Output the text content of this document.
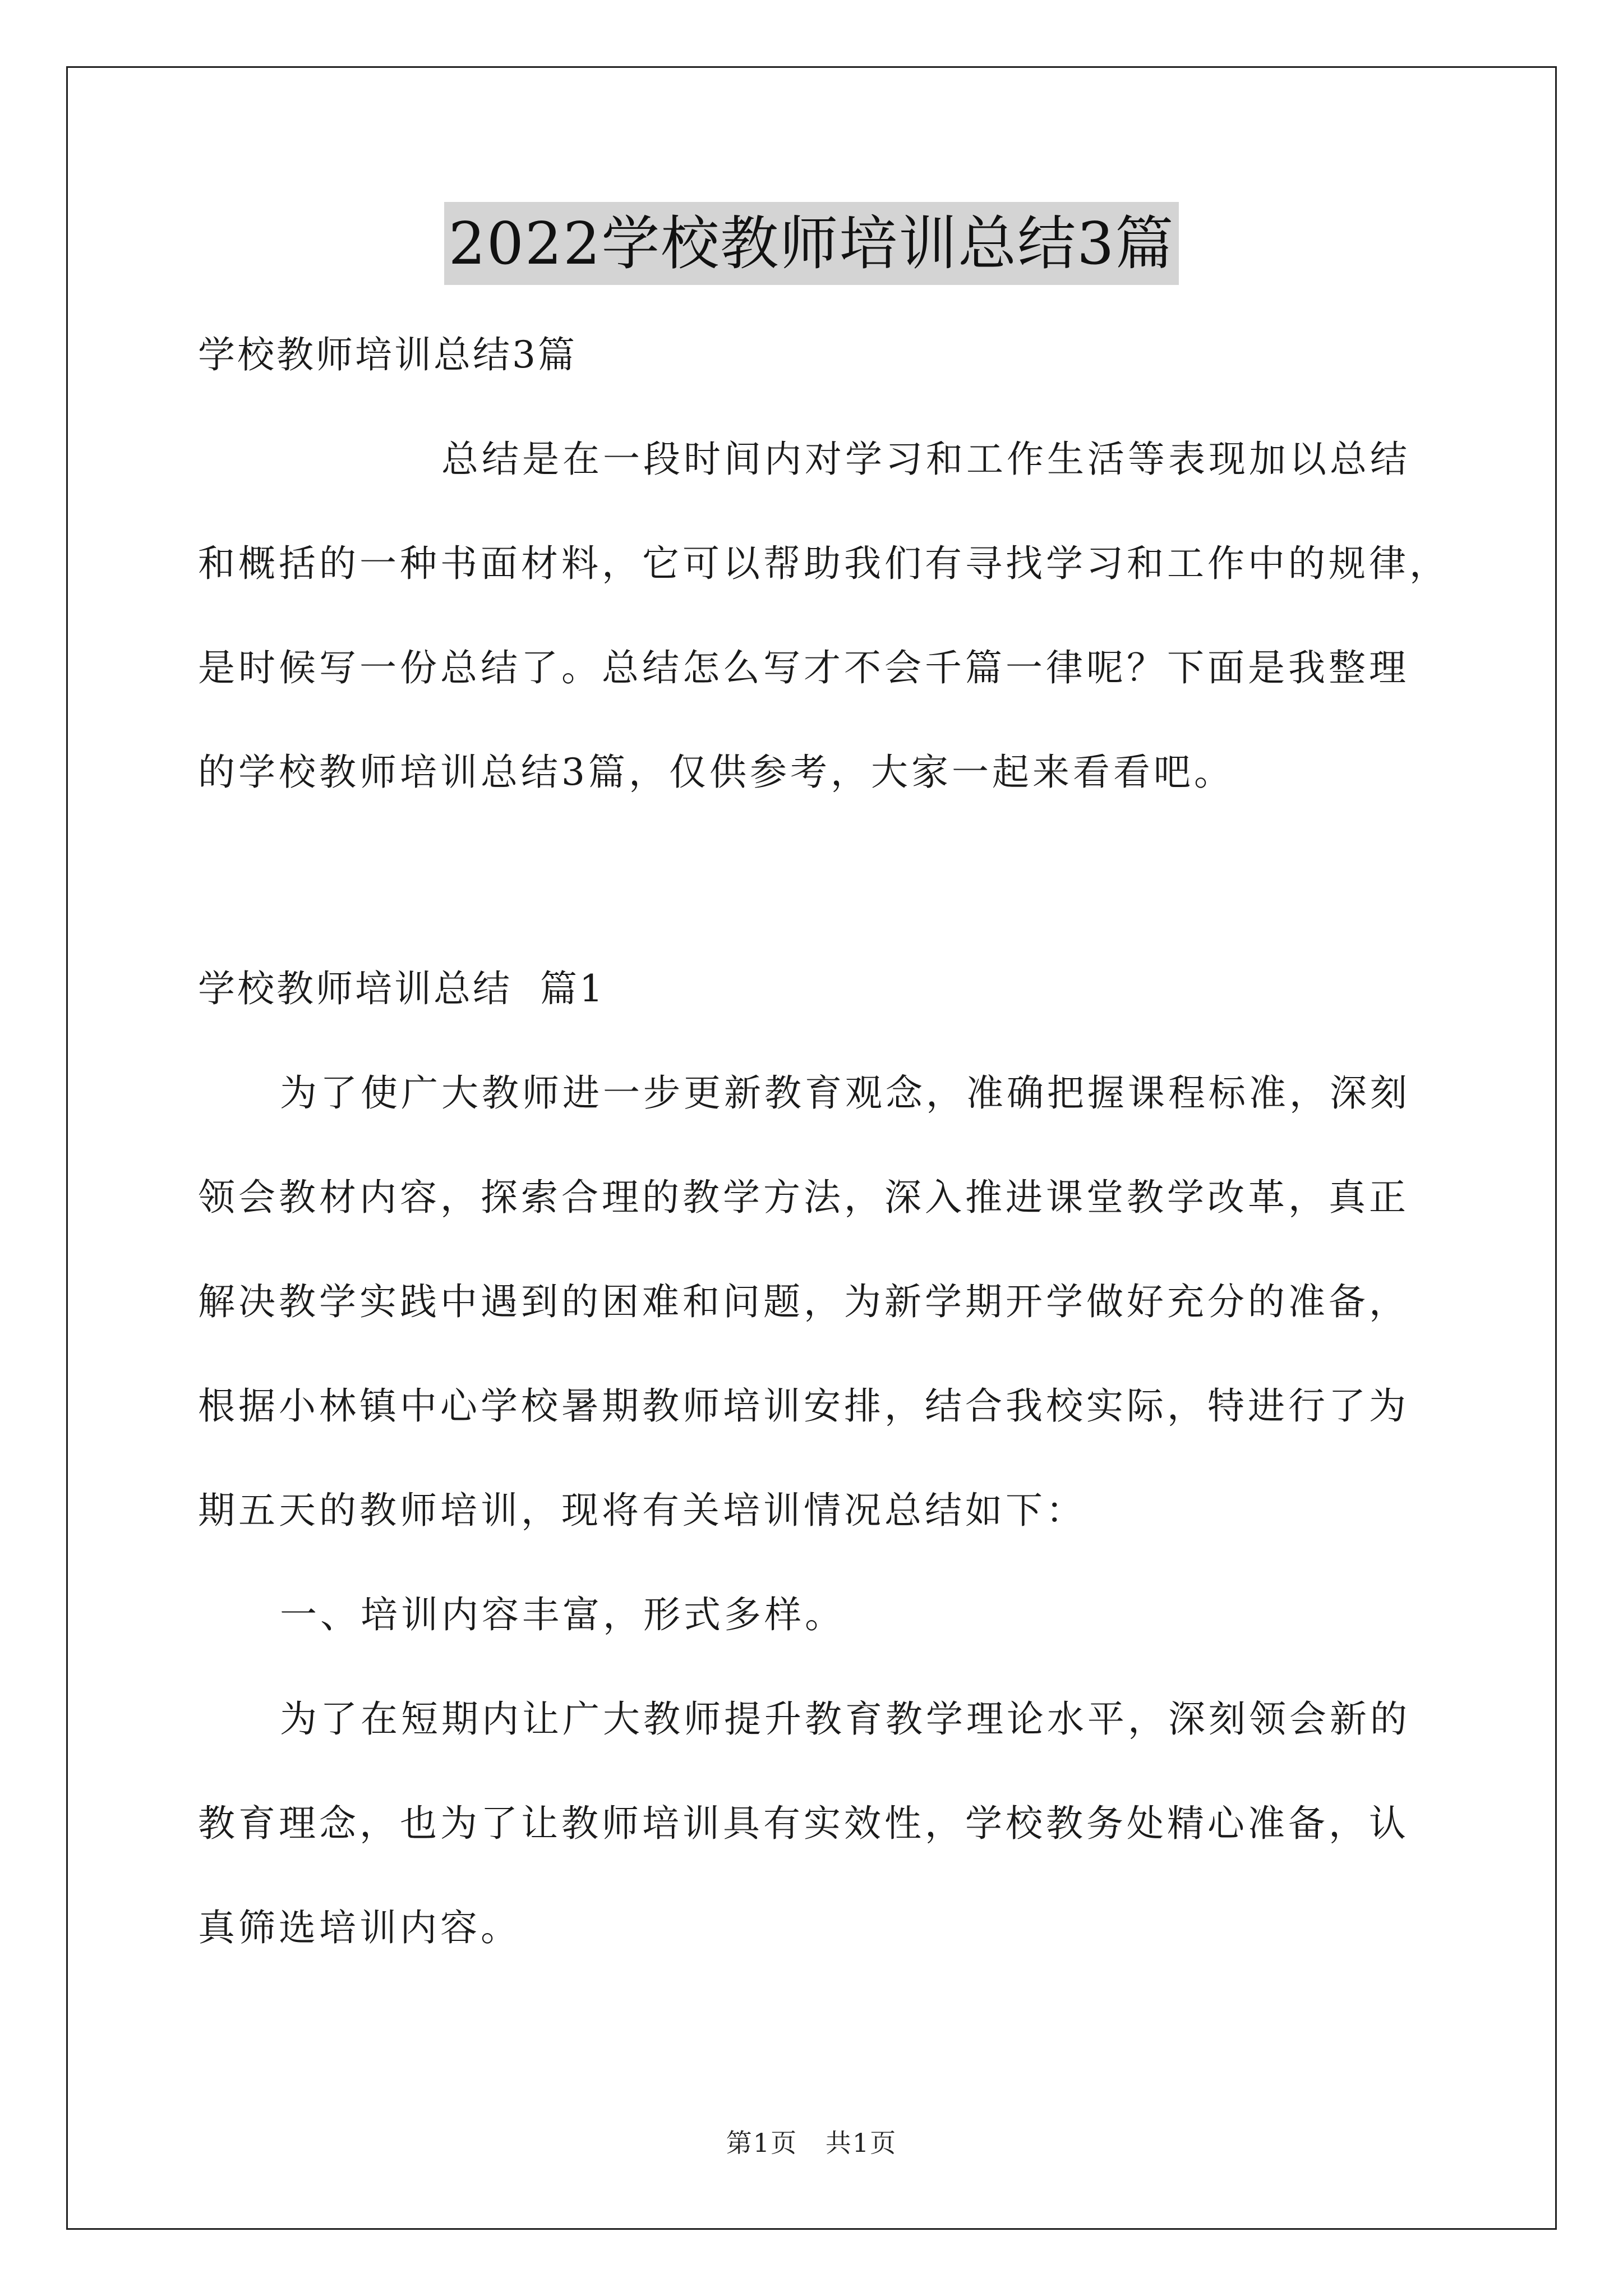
2022学校教师培训总结3篇
学校教师培训总结3篇
总结是在一段时间内对学习和工作生活等表现加以总结
和概括的一种书面材料，它可以帮助我们有寻找学习和工作中的规律，
是时候写一份总结了。总结怎么写才不会千篇一律呢？下面是我整理
的学校教师培训总结3篇，仅供参考，大家一起来看看吧。
学校教师培训总结  篇1
为了使广大教师进一步更新教育观念，准确把握课程标准，深刻
领会教材内容，探索合理的教学方法，深入推进课堂教学改革，真正
解决教学实践中遇到的困难和问题，为新学期开学做好充分的准备，
根据小林镇中心学校暑期教师培训安排，结合我校实际，特进行了为
期五天的教师培训，现将有关培训情况总结如下：
一、培训内容丰富，形式多样。
为了在短期内让广大教师提升教育教学理论水平，深刻领会新的
教育理念，也为了让教师培训具有实效性，学校教务处精心准备，认
真筛选培训内容。
第1页   共1页
